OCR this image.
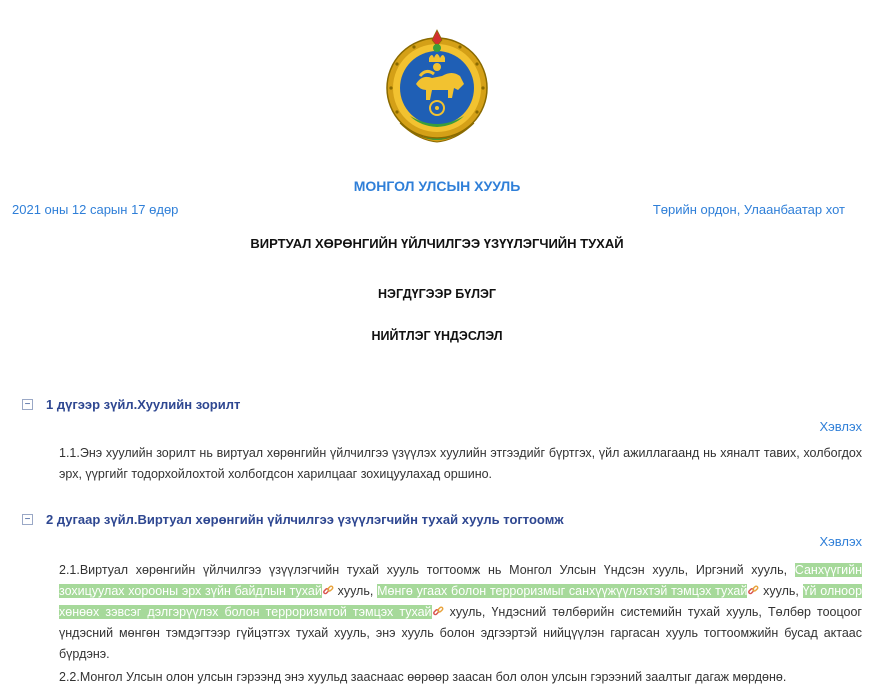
МОНГОЛ УЛСЫН ХУУЛЬ
2021 оны 12 сарын 17 өдөр	Төрийн ордон, Улаанбаатар хот
ВИРТУАЛ ХӨРӨНГИЙН ҮЙЛЧИЛГЭЭ ҮЗҮҮЛЭГЧИЙН ТУХАЙ
НЭГДҮГЭЭР БҮЛЭГ
НИЙТЛЭГ ҮНДЭСЛЭЛ
− 1 дүгээр зүйл.Хуулийн зорилт
Хэвлэх

1.1.Энэ хуулийн зорилт нь виртуал хөрөнгийн үйлчилгээ үзүүлэх хуулийн этгээдийг бүртгэх, үйл ажиллагаанд нь хяналт тавих, холбогдох эрх, үүргийг тодорхойлохтой холбогдсон харилцааг зохицуулахад оршино.

− 2 дугаар зүйл.Виртуал хөрөнгийн үйлчилгээ үзүүлэгчийн тухай хууль тогтоомж
Хэвлэх

2.1.Виртуал хөрөнгийн үйлчилгээ үзүүлэгчийн тухай хууль тогтоомж нь Монгол Улсын Үндсэн хууль, Иргэний хууль, Санхүүгийн зохицуулах хорооны эрх зүйн байдлын тухай хууль, Мөнгө угаах болон терроризмыг санхүүжүүлэхтэй тэмцэх тухай хууль, Үй олноор хөнөөх зэвсэг дэлгэрүүлэх болон терроризмтой тэмцэх тухай хууль, Үндэсний төлбөрийн системийн тухай хууль, Төлбөр тооцоог үндэсний мөнгөн тэмдэгтээр гүйцэтгэх тухай хууль, энэ хууль болон эдгээртэй нийцүүлэн гаргасан хууль тогтоомжийн бусад актаас бүрдэнэ.

2.2.Монгол Улсын олон улсын гэрээнд энэ хуульд зааснаас өөрөөр заасан бол олон улсын гэрээний заалтыг дагаж мөрдөнө.
